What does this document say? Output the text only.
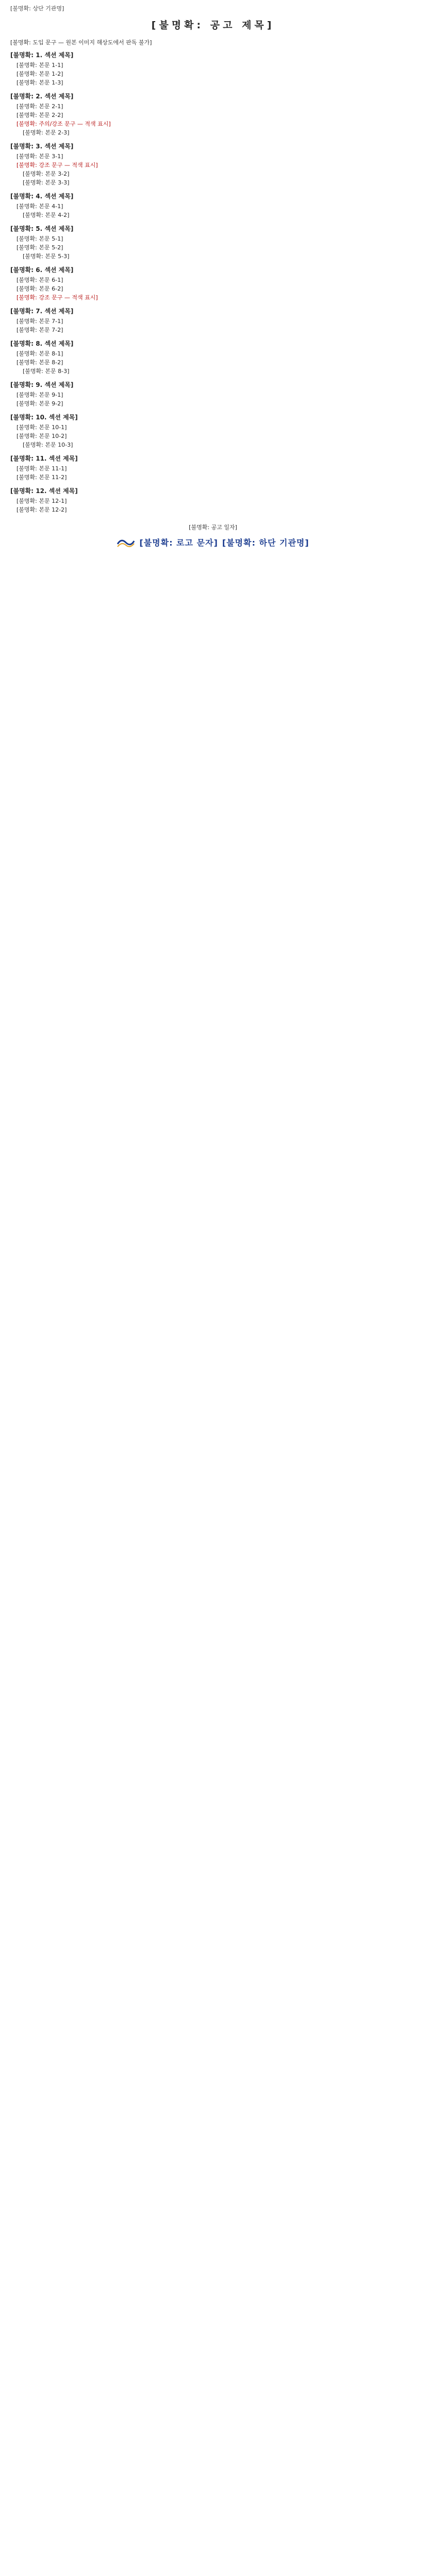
[불명확: 상단 기관명]
[불명확: 공고 제목]
[불명확: 도입 문구 — 원본 이미지 해상도에서 판독 불가]
[불명확: 1. 섹션 제목]
[불명확: 본문 1-1]
[불명확: 본문 1-2]
[불명확: 본문 1-3]
[불명확: 2. 섹션 제목]
[불명확: 본문 2-1]
[불명확: 본문 2-2]
[불명확: 주의/강조 문구 — 적색 표시]
[불명확: 본문 2-3]
[불명확: 3. 섹션 제목]
[불명확: 본문 3-1]
[불명확: 강조 문구 — 적색 표시]
[불명확: 본문 3-2]
[불명확: 본문 3-3]
[불명확: 4. 섹션 제목]
[불명확: 본문 4-1]
[불명확: 본문 4-2]
[불명확: 5. 섹션 제목]
[불명확: 본문 5-1]
[불명확: 본문 5-2]
[불명확: 본문 5-3]
[불명확: 6. 섹션 제목]
[불명확: 본문 6-1]
[불명확: 본문 6-2]
[불명확: 강조 문구 — 적색 표시]
[불명확: 7. 섹션 제목]
[불명확: 본문 7-1]
[불명확: 본문 7-2]
[불명확: 8. 섹션 제목]
[불명확: 본문 8-1]
[불명확: 본문 8-2]
[불명확: 본문 8-3]
[불명확: 9. 섹션 제목]
[불명확: 본문 9-1]
[불명확: 본문 9-2]
[불명확: 10. 섹션 제목]
[불명확: 본문 10-1]
[불명확: 본문 10-2]
[불명확: 본문 10-3]
[불명확: 11. 섹션 제목]
[불명확: 본문 11-1]
[불명확: 본문 11-2]
[불명확: 12. 섹션 제목]
[불명확: 본문 12-1]
[불명확: 본문 12-2]
[불명확: 공고 일자]
[불명확: 로고 문자] [불명확: 하단 기관명]
